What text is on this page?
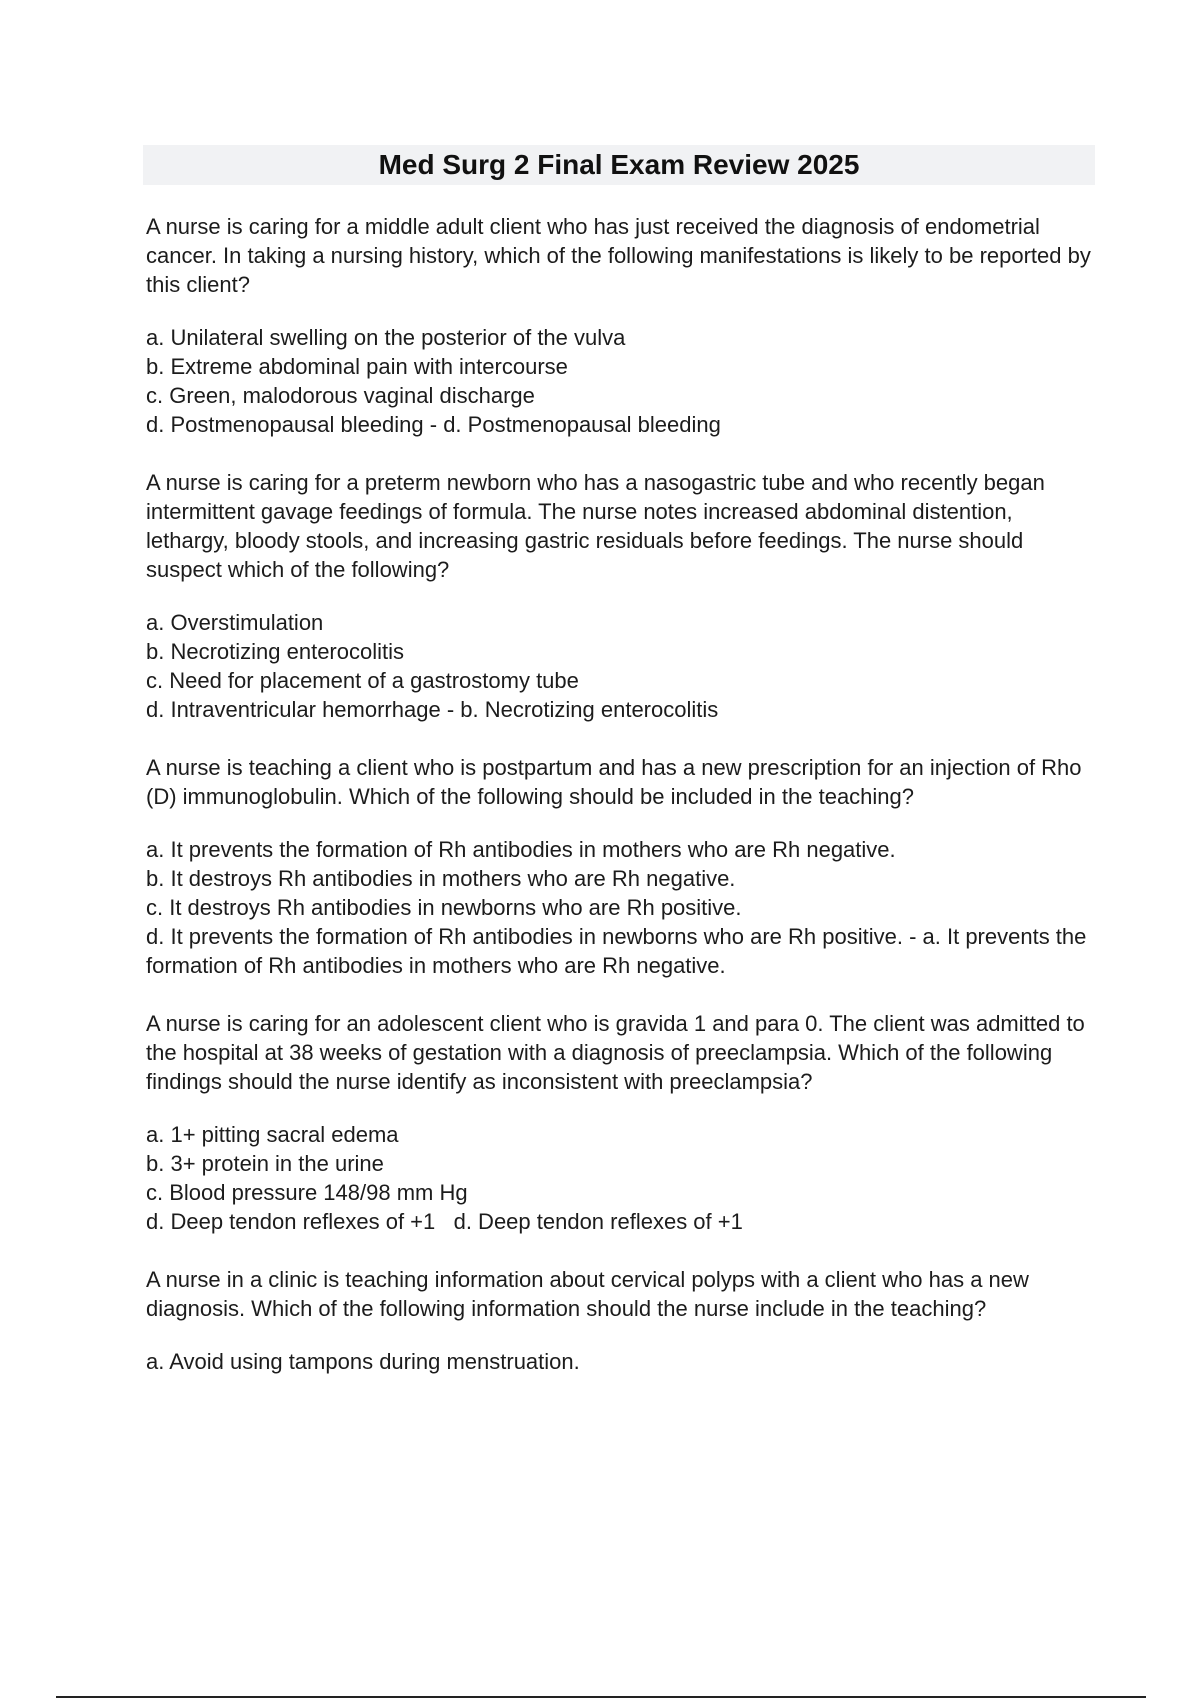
Med Surg 2 Final Exam Review 2025

A nurse is caring for a middle adult client who has just received the diagnosis of endometrial cancer. In taking a nursing history, which of the following manifestations is likely to be reported by this client?

a. Unilateral swelling on the posterior of the vulva
b. Extreme abdominal pain with intercourse
c. Green, malodorous vaginal discharge
d. Postmenopausal bleeding - d. Postmenopausal bleeding

A nurse is caring for a preterm newborn who has a nasogastric tube and who recently began intermittent gavage feedings of formula. The nurse notes increased abdominal distention, lethargy, bloody stools, and increasing gastric residuals before feedings. The nurse should suspect which of the following?

a. Overstimulation
b. Necrotizing enterocolitis
c. Need for placement of a gastrostomy tube
d. Intraventricular hemorrhage - b. Necrotizing enterocolitis

A nurse is teaching a client who is postpartum and has a new prescription for an injection of Rho (D) immunoglobulin. Which of the following should be included in the teaching?

a. It prevents the formation of Rh antibodies in mothers who are Rh negative.
b. It destroys Rh antibodies in mothers who are Rh negative.
c. It destroys Rh antibodies in newborns who are Rh positive.
d. It prevents the formation of Rh antibodies in newborns who are Rh positive. - a. It prevents the formation of Rh antibodies in mothers who are Rh negative.

A nurse is caring for an adolescent client who is gravida 1 and para 0. The client was admitted to the hospital at 38 weeks of gestation with a diagnosis of preeclampsia. Which of the following findings should the nurse identify as inconsistent with preeclampsia?

a. 1+ pitting sacral edema
b. 3+ protein in the urine
c. Blood pressure 148/98 mm Hg
d. Deep tendon reflexes of +1   d. Deep tendon reflexes of +1

A nurse in a clinic is teaching information about cervical polyps with a client who has a new diagnosis. Which of the following information should the nurse include in the teaching?

a. Avoid using tampons during menstruation.
